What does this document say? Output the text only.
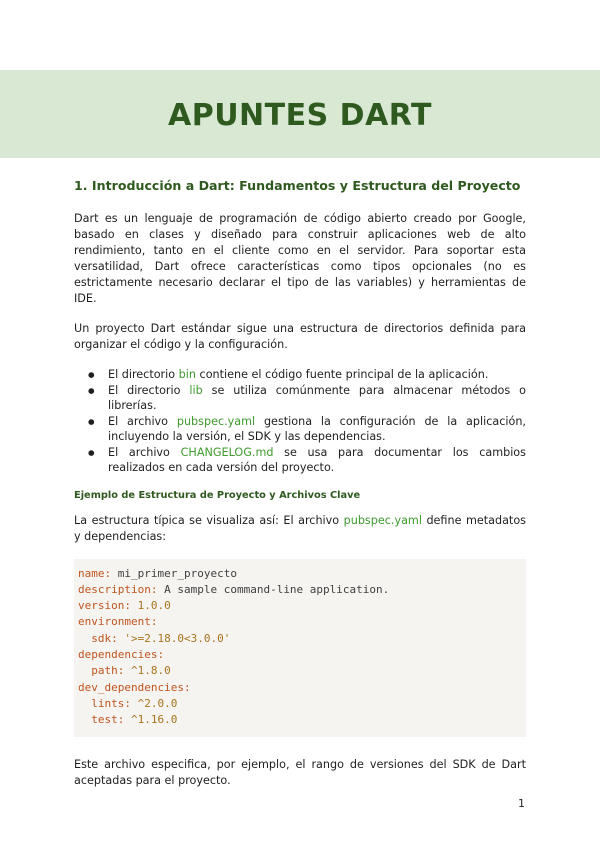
APUNTES DART
1. Introducción a Dart: Fundamentos y Estructura del Proyecto

Dart es un lenguaje de programación de código abierto creado por Google, basado en clases y diseñado para construir aplicaciones web de alto rendimiento, tanto en el cliente como en el servidor. Para soportar esta versatilidad, Dart ofrece características como tipos opcionales (no es estrictamente necesario declarar el tipo de las variables) y herramientas de IDE.

Un proyecto Dart estándar sigue una estructura de directorios definida para organizar el código y la configuración.

● El directorio bin contiene el código fuente principal de la aplicación.
● El directorio lib se utiliza comúnmente para almacenar métodos o librerías.
● El archivo pubspec.yaml gestiona la configuración de la aplicación, incluyendo la versión, el SDK y las dependencias.
● El archivo CHANGELOG.md se usa para documentar los cambios realizados en cada versión del proyecto.
Ejemplo de Estructura de Proyecto y Archivos Clave

La estructura típica se visualiza así: El archivo pubspec.yaml define metadatos y dependencias:

name: mi_primer_proyecto
description: A sample command-line application.
version: 1.0.0
environment:
sdk: '>=2.18.0<3.0.0'
dependencies:
path: ^1.8.0
dev_dependencies:
lints: ^2.0.0
test: ^1.16.0

Este archivo especifica, por ejemplo, el rango de versiones del SDK de Dart aceptadas para el proyecto.

1
